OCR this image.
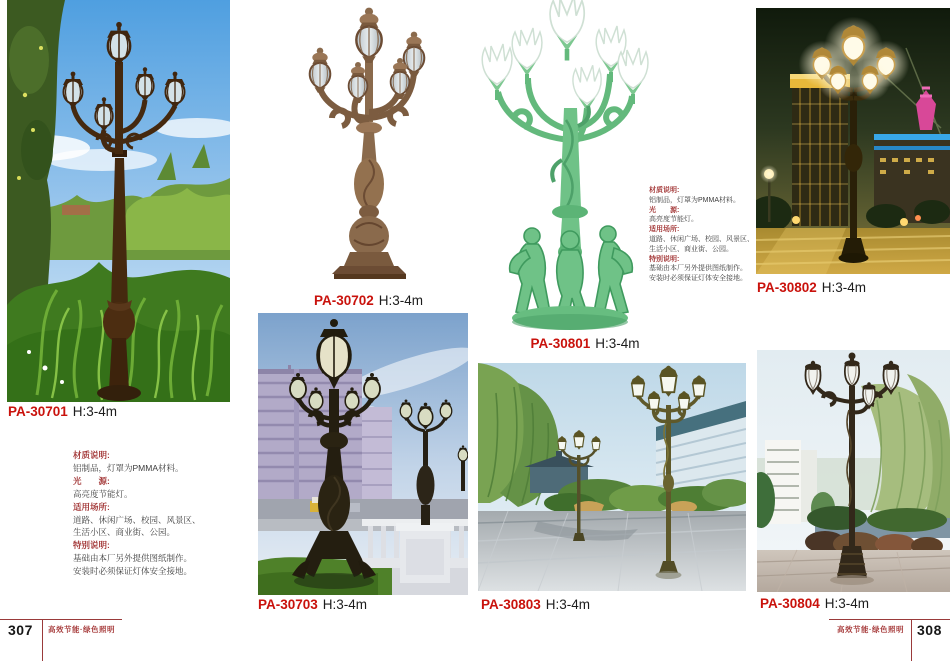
PA-30701 H:3-4m
材质说明:
铝制品，灯罩为PMMA材料。
光　　源:
高亮度节能灯。
适用场所:
道路、休闲广场、校园、风景区、
生活小区、商业街、公园。
特别说明:
基础由本厂另外提供图纸制作。
安装时必须保证灯体安全接地。
PA-30702 H:3-4m
PA-30703 H:3-4m
PA-30801 H:3-4m
材质说明:
铝制品，灯罩为PMMA材料。
光　　源:
高亮度节能灯。
适用场所:
道路、休闲广场、校园、风景区、
生活小区、商业街、公园。
特别说明:
基础由本厂另外提供图纸制作。
安装时必须保证灯体安全接地。
PA-30802 H:3-4m
PA-30803 H:3-4m	PA-30804 H:3-4m
307 高效节能·绿色照明	高效节能·绿色照明 308
